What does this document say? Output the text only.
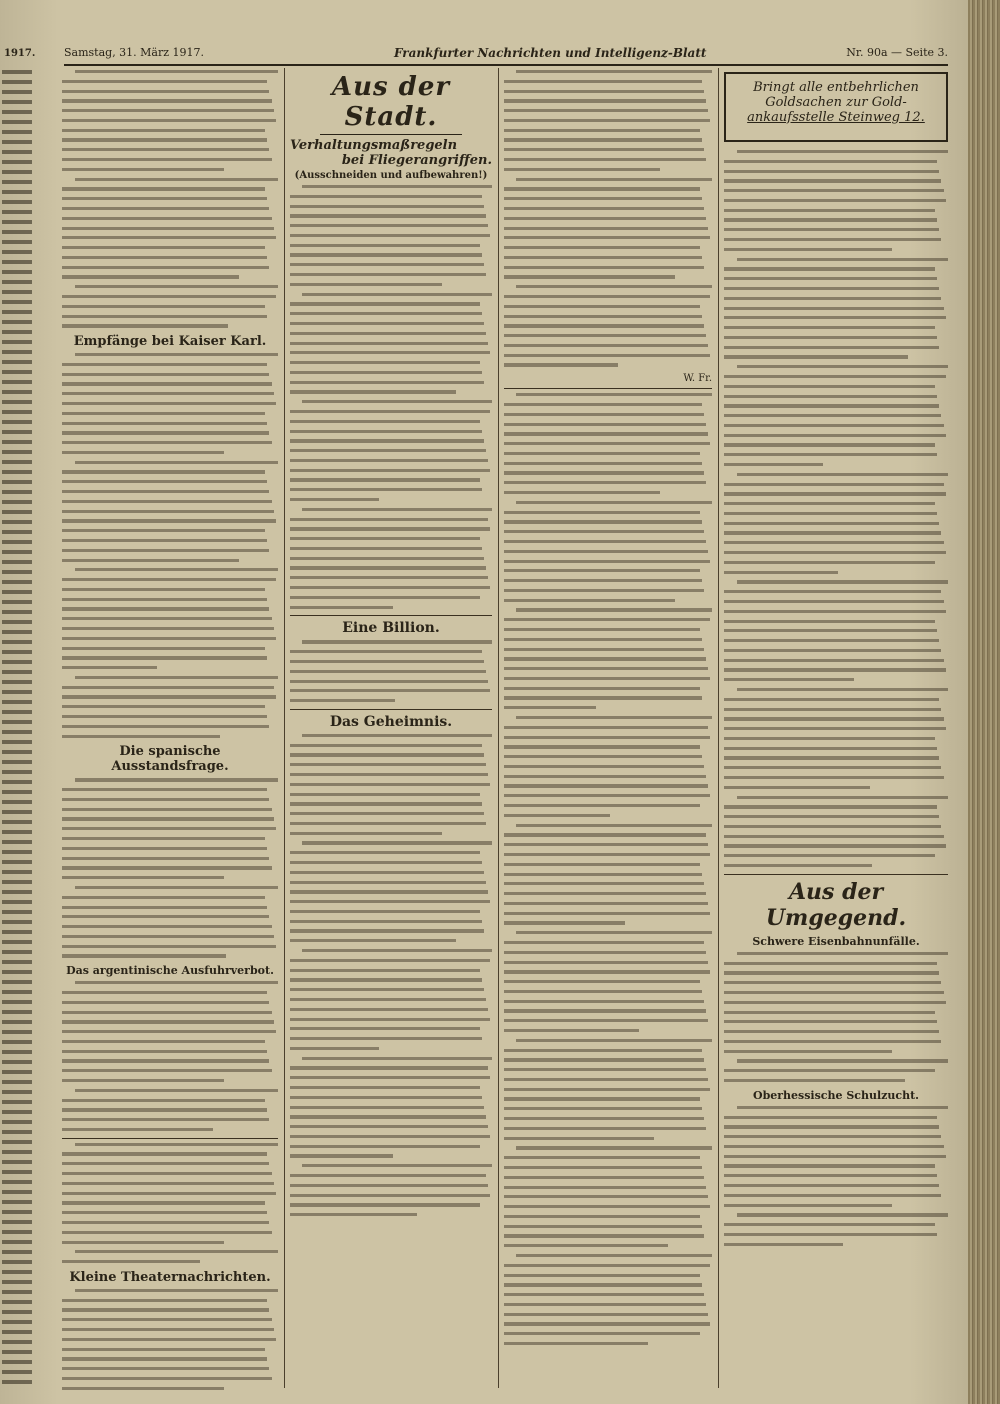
1917.	Samstag, 31. März 1917.	Frankfurter Nachrichten und Intelligenz-Blatt	Nr. 90a — Seite 3.
Empfänge bei Kaiser Karl.
Die spanische Ausstandsfrage.
Das argentinische Ausfuhrverbot.
Kleine Theaternachrichten.
Aus der Stadt.
Verhaltungsmaßregeln
bei Fliegerangriffen.
(Ausschneiden und aufbewahren!)
Eine Billion.
Das Geheimnis.
W. Fr.
Bringt alle entbehrlichen
Goldsachen zur Gold-
ankaufsstelle Steinweg 12.
Aus der Umgegend.
Schwere Eisenbahnunfälle.
Oberhessische Schulzucht.
